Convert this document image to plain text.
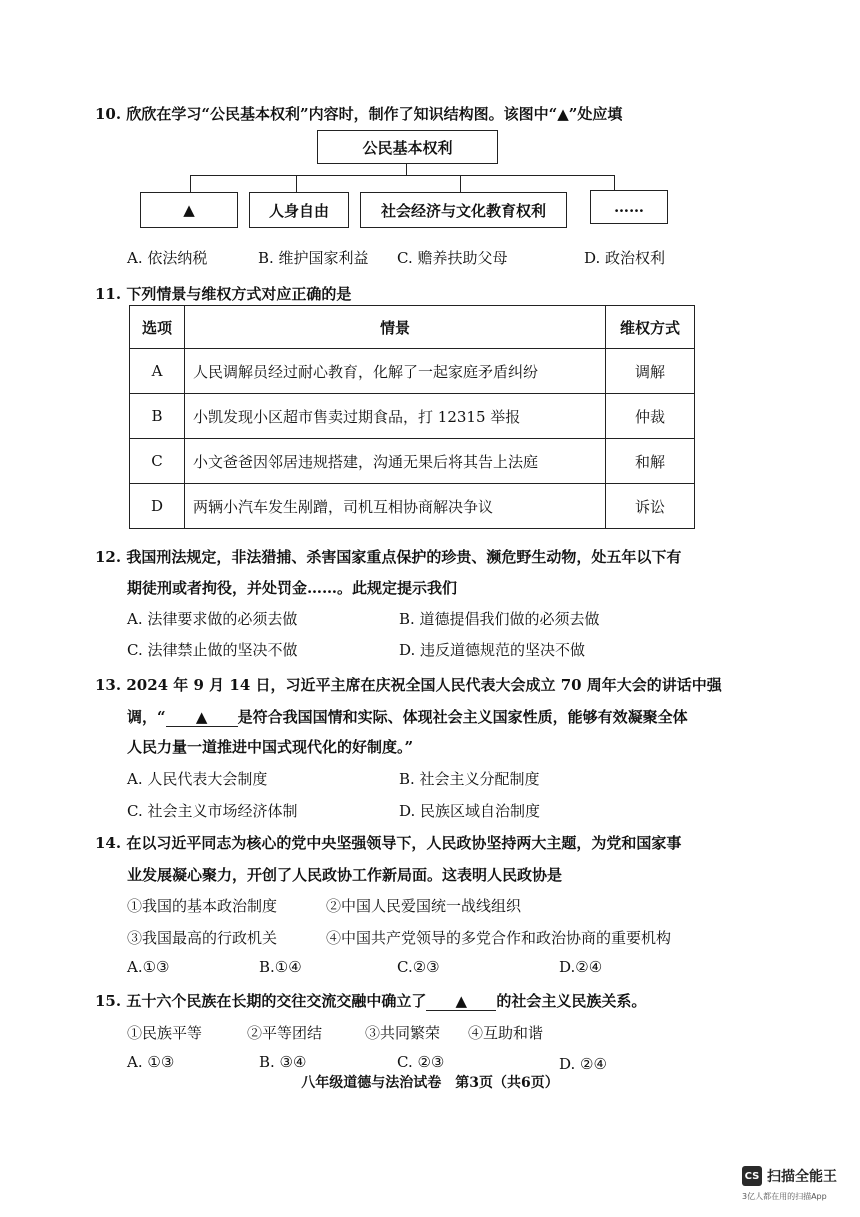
10. 欣欣在学习“公民基本权利”内容时，制作了知识结构图。该图中“▲”处应填
公民基本权利
▲	人身自由	社会经济与文化教育权利	……
A. 依法纳税	B. 维护国家利益 C. 赡养扶助父母	D. 政治权利
11. 下列情景与维权方式对应正确的是
选项	情景	维权方式
A	人民调解员经过耐心教育，化解了一起家庭矛盾纠纷	调解
B	小凯发现小区超市售卖过期食品，打 12315 举报	仲裁
C	小文爸爸因邻居违规搭建，沟通无果后将其告上法庭	和解
D	两辆小汽车发生剐蹭，司机互相协商解决争议	诉讼
12. 我国刑法规定，非法猎捕、杀害国家重点保护的珍贵、濒危野生动物，处五年以下有
期徒刑或者拘役，并处罚金……。此规定提示我们
A. 法律要求做的必须去做	B. 道德提倡我们做的必须去做
C. 法律禁止做的坚决不做	D. 违反道德规范的坚决不做
13. 2024 年 9 月 14 日，习近平主席在庆祝全国人民代表大会成立 70 周年大会的讲话中强
调，“ ▲ 是符合我国国情和实际、体现社会主义国家性质，能够有效凝聚全体
人民力量一道推进中国式现代化的好制度。”
A. 人民代表大会制度	B. 社会主义分配制度
C. 社会主义市场经济体制	D. 民族区域自治制度
14. 在以习近平同志为核心的党中央坚强领导下，人民政协坚持两大主题，为党和国家事
业发展凝心聚力，开创了人民政协工作新局面。这表明人民政协是
①我国的基本政治制度	②中国人民爱国统一战线组织
③我国最高的行政机关	④中国共产党领导的多党合作和政治协商的重要机构
A.①③	B.①④	C.②③	D.②④
15. 五十六个民族在长期的交往交流交融中确立了 ▲ 的社会主义民族关系。
①民族平等	②平等团结	③共同繁荣 ④互助和谐
A. ①③	B. ③④	C. ②③	D. ②④
八年级道德与法治试卷　第3页（共6页）
CS 扫描全能王
3亿人都在用的扫描App
